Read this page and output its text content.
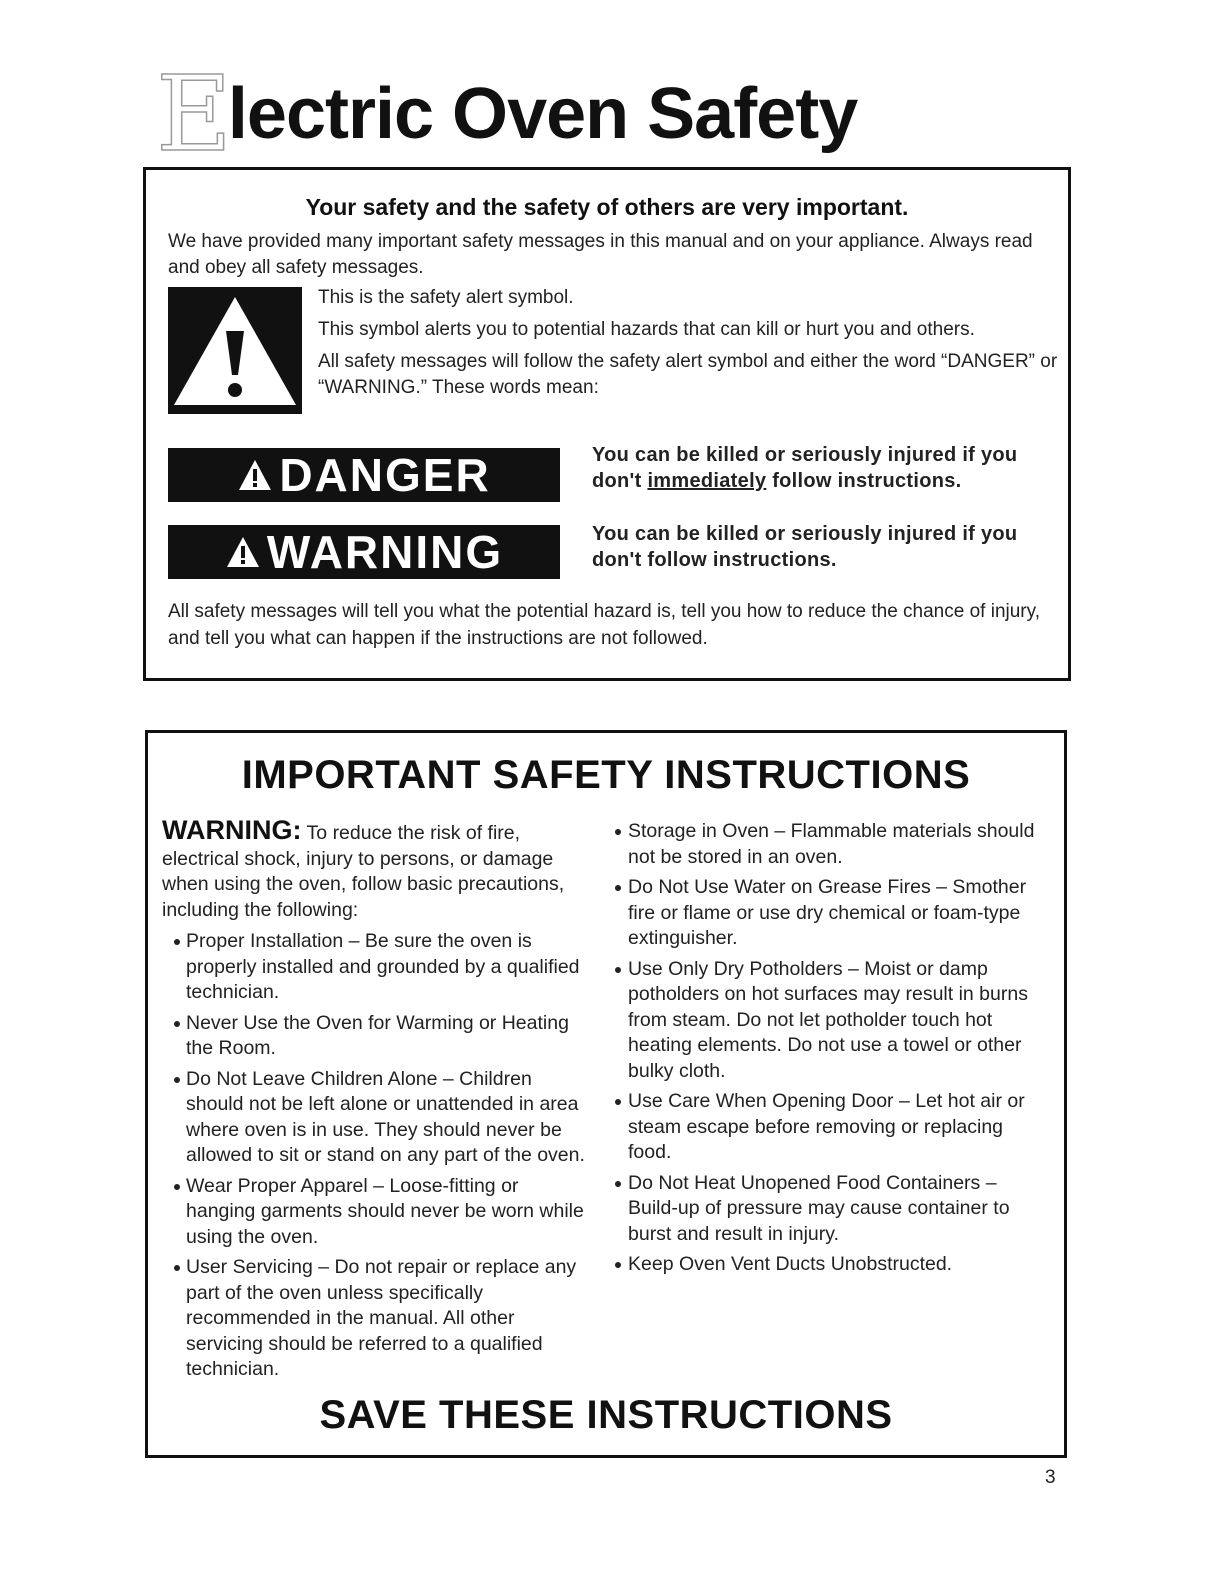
E
lectric Oven Safety
Your safety and the safety of others are very important.
We have provided many important safety messages in this manual and on your appliance. Always read and obey all safety messages.

This is the safety alert symbol.

This symbol alerts you to potential hazards that can kill or hurt you and others.

All safety messages will follow the safety alert symbol and either the word “DANGER” or “WARNING.” These words mean:

DANGER	You can be killed or seriously injured if you don't immediately follow instructions.
WARNING	You can be killed or seriously injured if you don't follow instructions.
All safety messages will tell you what the potential hazard is, tell you how to reduce the chance of injury, and tell you what can happen if the instructions are not followed.
IMPORTANT SAFETY INSTRUCTIONS
WARNING: To reduce the risk of fire, electrical shock, injury to persons, or damage when using the oven, follow basic precautions, including the following:
Proper Installation – Be sure the oven is properly installed and grounded by a qualified technician.
Never Use the Oven for Warming or Heating the Room.
Do Not Leave Children Alone – Children should not be left alone or unattended in area where oven is in use. They should never be allowed to sit or stand on any part of the oven.
Wear Proper Apparel – Loose-fitting or hanging garments should never be worn while using the oven.
User Servicing – Do not repair or replace any part of the oven unless specifically recommended in the manual. All other servicing should be referred to a qualified technician.
Storage in Oven – Flammable materials should not be stored in an oven.
Do Not Use Water on Grease Fires – Smother fire or flame or use dry chemical or foam-type extinguisher.
Use Only Dry Potholders – Moist or damp potholders on hot surfaces may result in burns from steam. Do not let potholder touch hot heating elements. Do not use a towel or other bulky cloth.
Use Care When Opening Door – Let hot air or steam escape before removing or replacing food.
Do Not Heat Unopened Food Containers – Build-up of pressure may cause container to burst and result in injury.
Keep Oven Vent Ducts Unobstructed.
SAVE THESE INSTRUCTIONS
3
